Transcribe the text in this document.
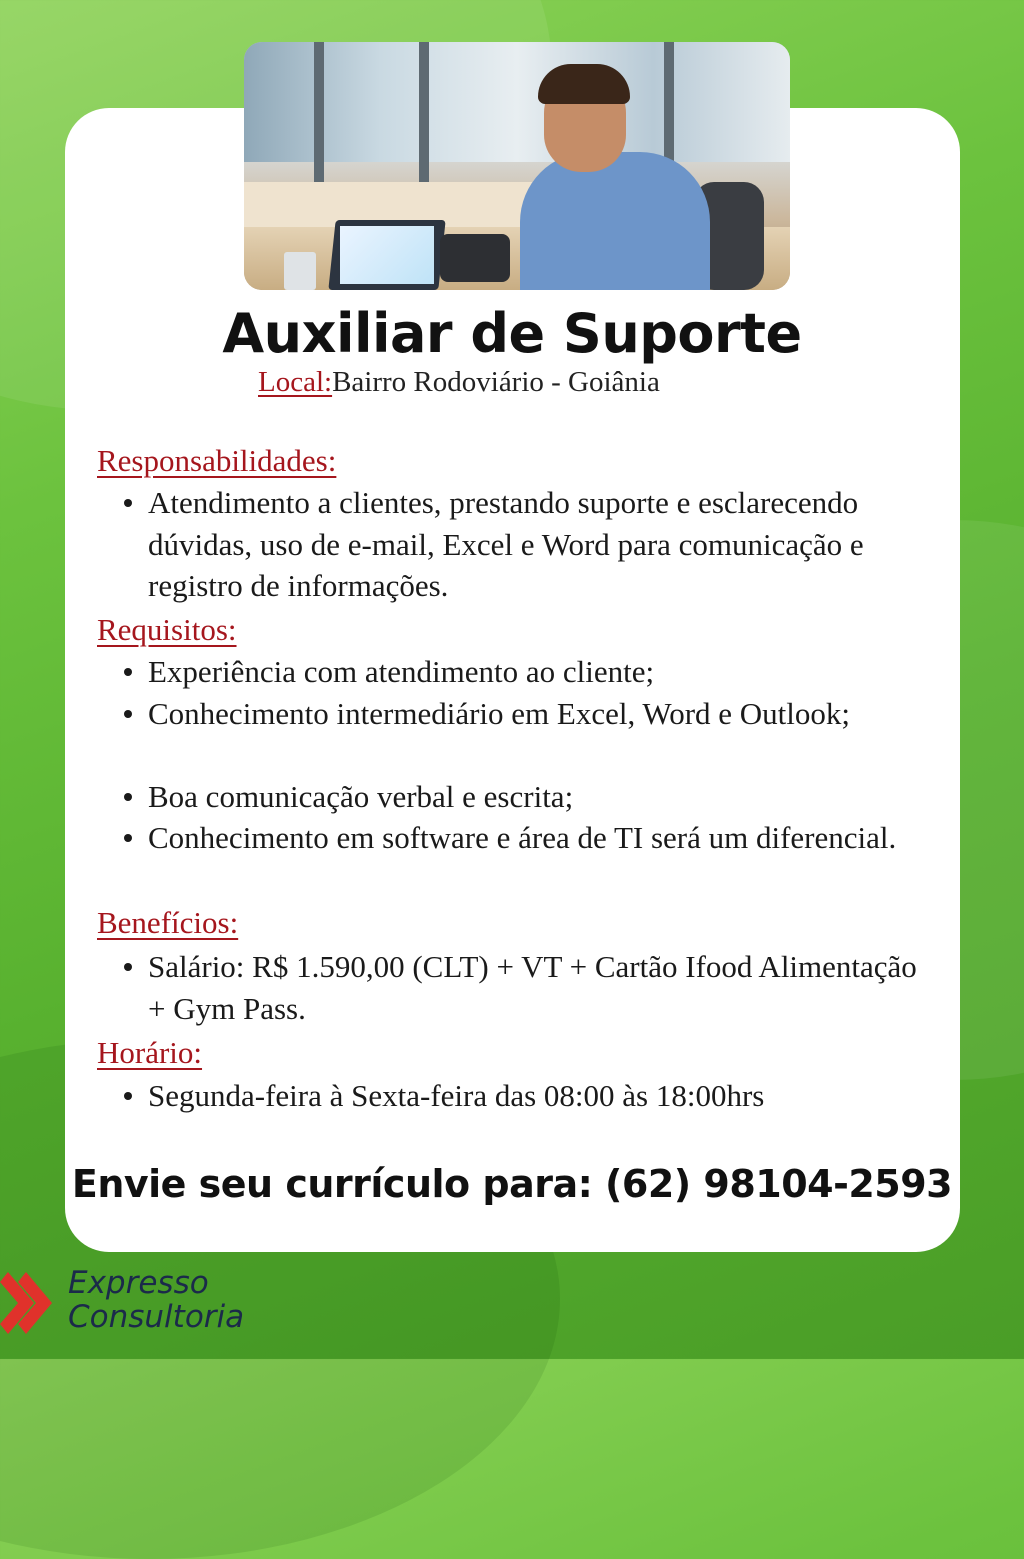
Auxiliar de Suporte
Local:Bairro Rodoviário - Goiânia
Responsabilidades:
Atendimento a clientes, prestando suporte e esclarecendo dúvidas, uso de e-mail, Excel e Word para comunicação e registro de informações.
Requisitos:
Experiência com atendimento ao cliente;
Conhecimento intermediário em Excel, Word e Outlook;
Boa comunicação verbal e escrita;
Conhecimento em software e área de TI será um diferencial.
Benefícios:
Salário: R$ 1.590,00 (CLT) + VT + Cartão Ifood Alimentação + Gym Pass.
Horário:
Segunda-feira à Sexta-feira das 08:00 às 18:00hrs
Envie seu currículo para: (62) 98104-2593
Expresso
Consultoria
